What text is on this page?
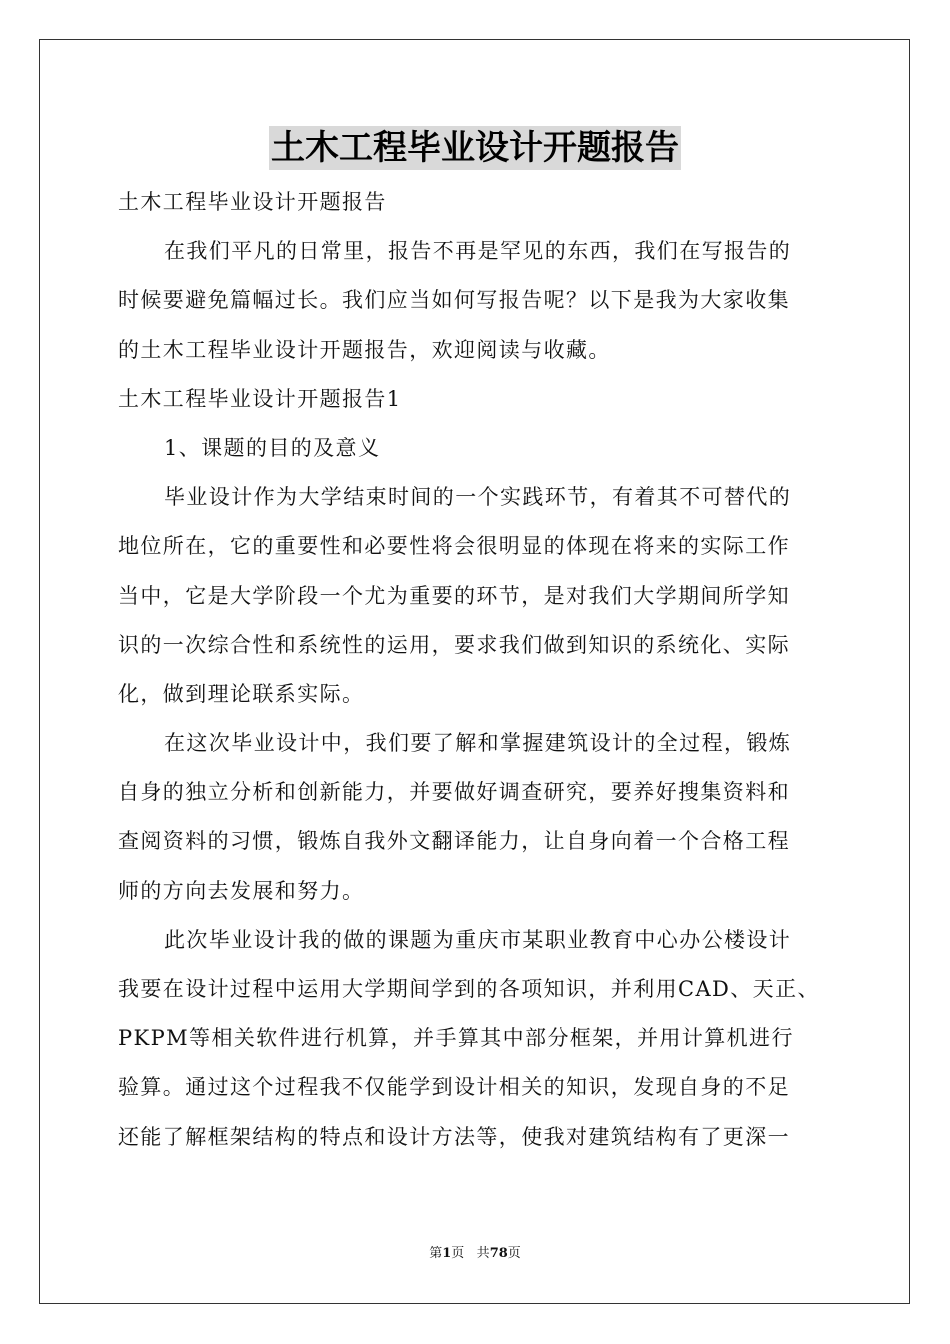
土木工程毕业设计开题报告
土木工程毕业设计开题报告
在我们平凡的日常里，报告不再是罕见的东西，我们在写报告的
时候要避免篇幅过长。我们应当如何写报告呢？以下是我为大家收集
的土木工程毕业设计开题报告，欢迎阅读与收藏。
土木工程毕业设计开题报告1
1、课题的目的及意义
毕业设计作为大学结束时间的一个实践环节，有着其不可替代的
地位所在，它的重要性和必要性将会很明显的体现在将来的实际工作
当中，它是大学阶段一个尤为重要的环节，是对我们大学期间所学知
识的一次综合性和系统性的运用，要求我们做到知识的系统化、实际
化，做到理论联系实际。
在这次毕业设计中，我们要了解和掌握建筑设计的全过程，锻炼
自身的独立分析和创新能力，并要做好调查研究，要养好搜集资料和
查阅资料的习惯，锻炼自我外文翻译能力，让自身向着一个合格工程
师的方向去发展和努力。
此次毕业设计我的做的课题为重庆市某职业教育中心办公楼设计
我要在设计过程中运用大学期间学到的各项知识，并利用CAD、天正、
PKPM等相关软件进行机算，并手算其中部分框架，并用计算机进行
验算。通过这个过程我不仅能学到设计相关的知识，发现自身的不足
还能了解框架结构的特点和设计方法等，使我对建筑结构有了更深一
第1页 共78页
